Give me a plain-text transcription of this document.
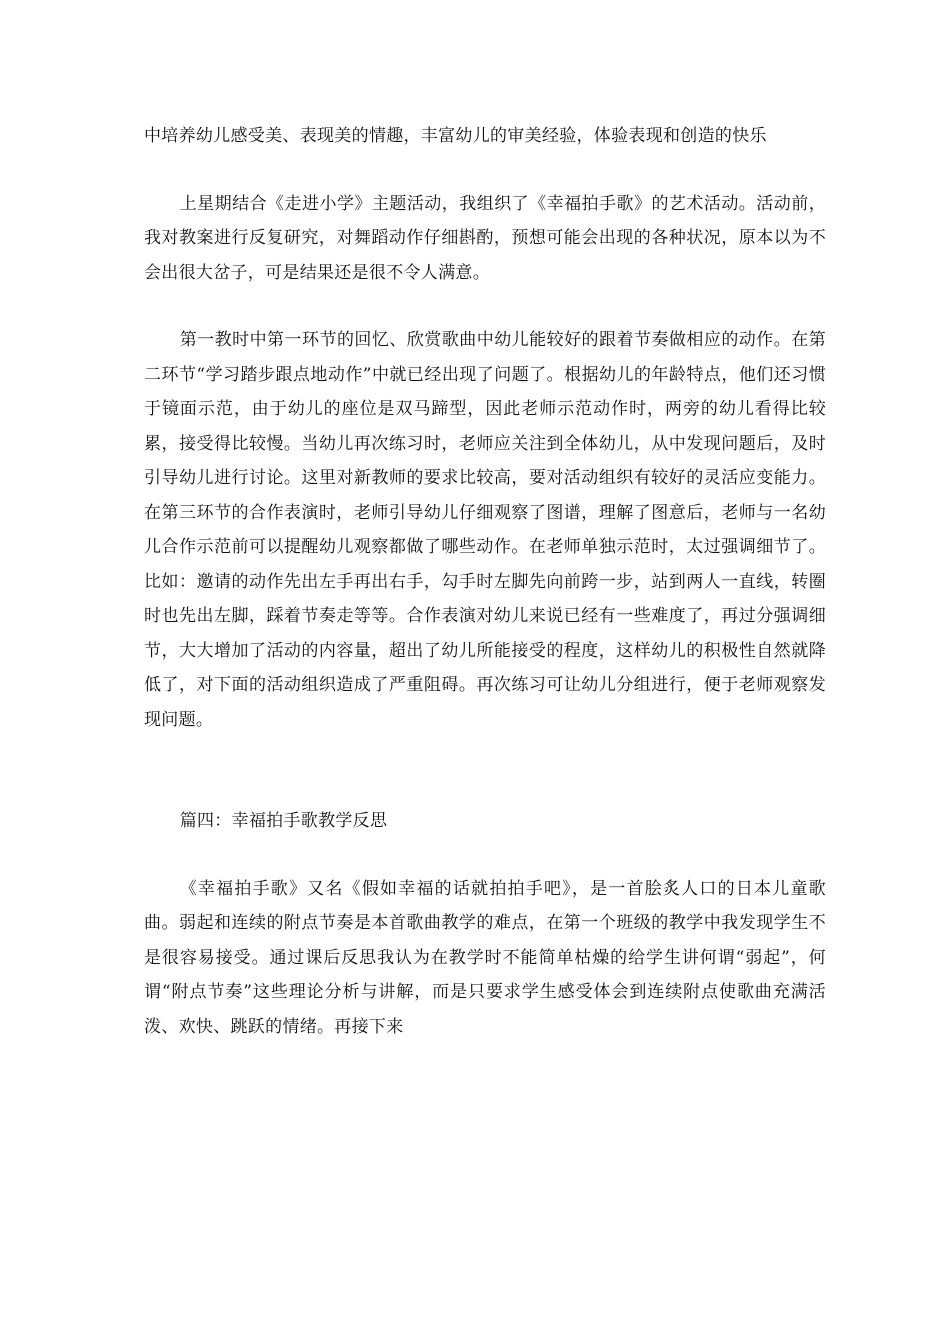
中培养幼儿感受美、表现美的情趣，丰富幼儿的审美经验，体验表现和创造的快乐

上星期结合《走进小学》主题活动，我组织了《幸福拍手歌》的艺术活动。活动前，我对教案进行反复研究，对舞蹈动作仔细斟酌，预想可能会出现的各种状况，原本以为不会出很大岔子，可是结果还是很不令人满意。

第一教时中第一环节的回忆、欣赏歌曲中幼儿能较好的跟着节奏做相应的动作。在第二环节“学习踏步跟点地动作”中就已经出现了问题了。根据幼儿的年龄特点，他们还习惯于镜面示范，由于幼儿的座位是双马蹄型，因此老师示范动作时，两旁的幼儿看得比较累，接受得比较慢。当幼儿再次练习时，老师应关注到全体幼儿，从中发现问题后，及时引导幼儿进行讨论。这里对新教师的要求比较高，要对活动组织有较好的灵活应变能力。在第三环节的合作表演时，老师引导幼儿仔细观察了图谱，理解了图意后，老师与一名幼儿合作示范前可以提醒幼儿观察都做了哪些动作。在老师单独示范时，太过强调细节了。比如：邀请的动作先出左手再出右手，勾手时左脚先向前跨一步，站到两人一直线，转圈时也先出左脚，踩着节奏走等等。合作表演对幼儿来说已经有一些难度了，再过分强调细节，大大增加了活动的内容量，超出了幼儿所能接受的程度，这样幼儿的积极性自然就降低了，对下面的活动组织造成了严重阻碍。再次练习可让幼儿分组进行，便于老师观察发现问题。

篇四：幸福拍手歌教学反思

《幸福拍手歌》又名《假如幸福的话就拍拍手吧》，是一首脍炙人口的日本儿童歌曲。弱起和连续的附点节奏是本首歌曲教学的难点，在第一个班级的教学中我发现学生不是很容易接受。通过课后反思我认为在教学时不能简单枯燥的给学生讲何谓“弱起”，何谓“附点节奏”这些理论分析与讲解，而是只要求学生感受体会到连续附点使歌曲充满活泼、欢快、跳跃的情绪。再接下来
